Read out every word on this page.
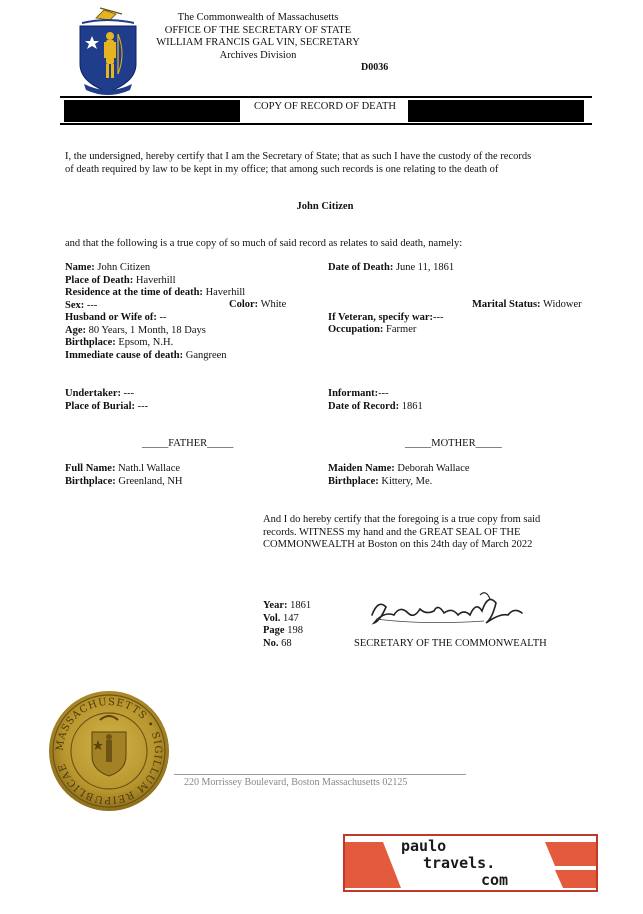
The Commonwealth of Massachusetts
OFFICE OF THE SECRETARY OF STATE
WILLIAM FRANCIS GAL VIN, SECRETARY
Archives Division
D0036
COPY OF RECORD OF DEATH
I, the undersigned, hereby certify that I am the Secretary of State; that as such I have the custody of the records
of death required by law to be kept in my office; that among such records is one relating to the death of
John Citizen
and that the following is a true copy of so much of said record as relates to said death, namely:
Name: John Citizen
Place of Death: Haverhill
Residence at the time of death: Haverhill
Sex: ---
Husband or Wife of: --
Age: 80 Years, 1 Month, 18 Days
Birthplace: Epsom, N.H.
Immediate cause of death: Gangreen
Color: White
Date of Death: June 11, 1861
Marital Status: Widower
If Veteran, specify war:---
Occupation: Farmer
Undertaker: ---
Place of Burial: ---
Informant:---
Date of Record: 1861
_____FATHER_____	_____MOTHER_____
Full Name: Nath.l Wallace
Birthplace: Greenland, NH
Maiden Name: Deborah Wallace
Birthplace: Kittery, Me.
And I do hereby certify that the foregoing is a true copy from said
records. WITNESS my hand and the GREAT SEAL OF THE
COMMONWEALTH at Boston on this 24th day of March 2022
Year: 1861
Vol. 147
Page 198
No. 68	SECRETARY OF THE COMMONWEALTH
MASSACHUSETTS • SIGILLUM REIPUBLICAE
220 Morrissey Boulevard, Boston Massachusetts 02125
paulo
travels.
com
